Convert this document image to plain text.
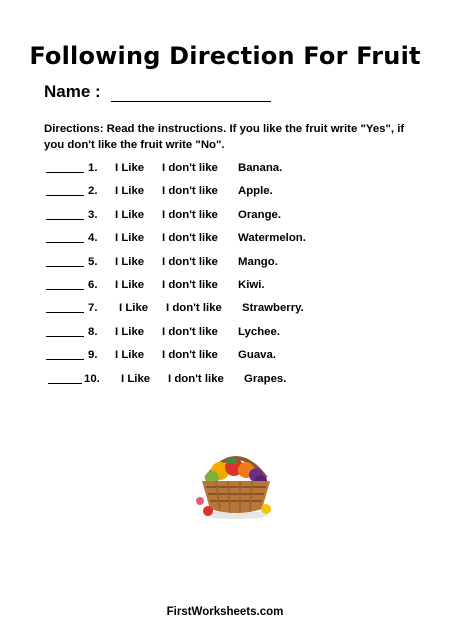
Following Direction For Fruit
Name :
Directions: Read the instructions. If you like the fruit write "Yes", if you don't like the fruit write "No".
1. I Like I don't like Banana.
2. I Like I don't like Apple.
3. I Like I don't like Orange.
4. I Like I don't like Watermelon.
5. I Like I don't like Mango.
6. I Like I don't like Kiwi.
7. I Like I don't like Strawberry.
8. I Like I don't like Lychee.
9. I Like I don't like Guava.
10. I Like I don't like Grapes.
FirstWorksheets.com
